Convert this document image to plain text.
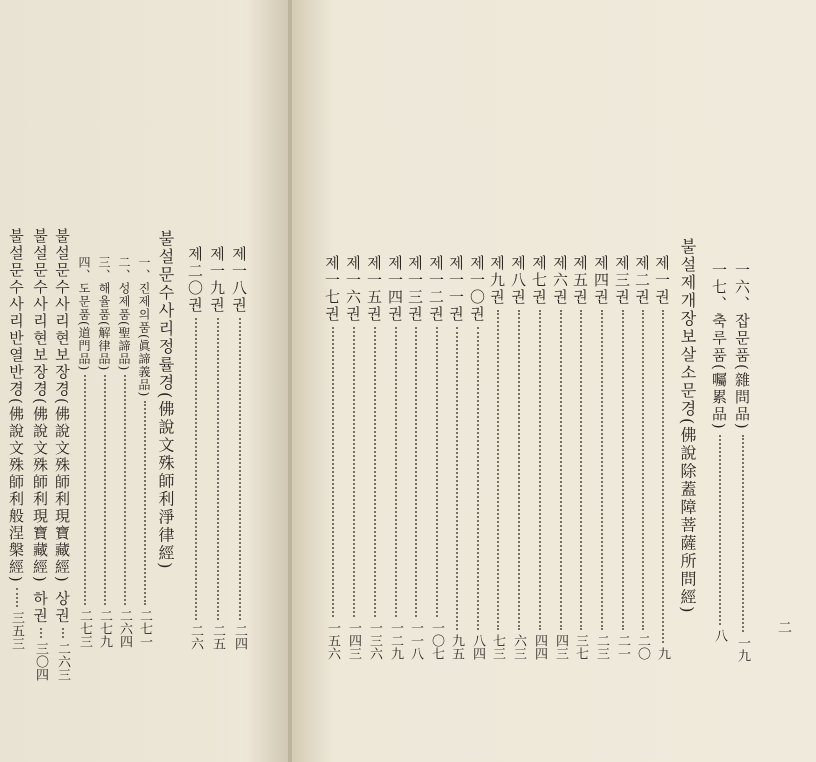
二
一六、잡문품(雜問品)
一九
一七、축루품(囑累品)
八
불설제개장보살소문경(佛說除蓋障菩薩所問經)
제一권
九
제二권
二〇
제三권
二一
제四권
二三
제五권
三七
제六권
四三
제七권
四四
제八권
六三
제九권
七三
제一〇권
八四
제一一권
九五
제一二권
一〇七
제一三권
一一八
제一四권
一二九
제一五권
一三六
제一六권
一四三
제一七권
一五六
제一八권
二四
제一九권
二五
제二〇권
二六
불설문수사리정률경(佛說文殊師利淨律經)
一、진제의품(眞諦義品)
二七一
二、성제품(聖諦品)
二六四
三、해율품(解律品)
二七九
四、도문품(道門品)
二七三
불설문수사리현보장경(佛說文殊師利現寶藏經) 상권
二六三
불설문수사리현보장경(佛說文殊師利現寶藏經) 하권
三〇四
불설문수사리반열반경(佛說文殊師利般涅槃經)
三五三
